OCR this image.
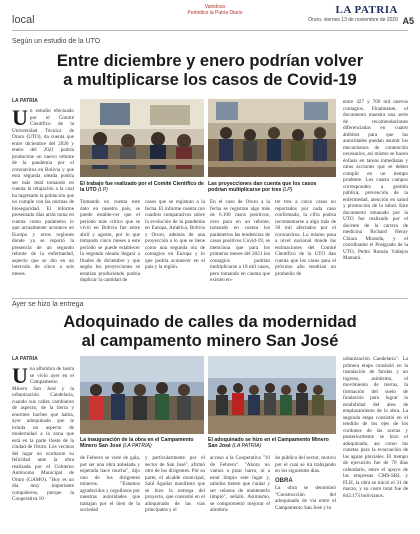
local
Vanidoso
Periódico la Patria Diario	LA PATRIA
Oruro, viernes 13 de noviembre de 2020 A5
Según un estudio de la UTO
Entre diciembre y enero podrían volver
a multiplicarse los casos de Covid-19
LA PATRIA
Un estudio efectuado por el Comité Científico de la Universidad Técnica de Oruro (UTO), da cuenta que entre diciembre del 2020 y enero del 2021 podría producirse un nuevo rebrote de la pandemia por el coronavirus en Bolivia y que esta segunda oleada podría ser más letal tomando en cuenta la relajación a la cual ha ingresado la población que no cumple con las normas de bioseguridad. El informe presentado días atrás toma en cuenta como parámetro lo que actualmente acontece en Europa y otros regiones donde ya se reportó la presencia de un segundo rebrote de la enfermedad, aspecto que se dio en un intervalo de cinco a seis meses.
El trabajo fue realizado por el Comité Científico de la UTO (LP)
Las proyecciones dan cuenta que los casos podrían multiplicarse por tres (LP)
Tomando en cuenta este dato en nuestro país, se puede estable-cer que el periodo más crítico que se vivió en Bolivia fue entre abril y agosto, por lo que tomando cinco meses a este periodo se puede establecer la segunda oleada llegará a finales de diciembre y que según los proyecciones se estarían produciendo podría duplicar la cantidad de
casos que se registran a la fecha. El informe cuenta con cuadros comparativos sobre la evolución de la pandemia en Europa, América, Bolivia y Oruro, además de una proyección a lo que se tiene como una segunda ola de contagios en Europa y lo que podría acontecer en el país y la región.
En el caso de Oruro a la fecha se registran algo más de 6.100 casos positivos, cero para en un rebrote, tomando en cuenta los parámetros las tendencias de casos positivos Covid-19, se menciona que para los primeros meses del 2021 los contagios podrían multiplicarse a 18 mil casos, pero tomando en cuenta que existen en-
tre tres a cinco casos no reportados por cada caso confirmado, la cifra podría incrementarse a algo más de 30 mil afectados por el coronavirus. Lo mismo pasa a nivel nacional donde las estimaciones del Comité Científico de la UTO dan cuenta que los casos para el próximo año tendrían un promedio de
entre 427 y 700 mil nuevos contagios. Finalmente, el documento muestra una serie de recomendaciones diferenciadas en cuatro ámbitos para que las autoridades puedan asumir los mecanismos de contención necesarios, así mismo se hacen énfasis en tareas inmediatas y otras acciones que se deben cumplir en un tiempo prudente. Los cuatro campos corresponden a gestión pública, prevención de la enfermedad, atención en salud y promoción de la salud. Este documento emanado por la UTO fue realizado por el docente de la carrera de medicina Richard Henry Chiara Miranda, y el coordinador el Postgrado de la UTO, Pedro Román Vallejos Mamani.
Ayer se hizo la entrega
Adoquinado de calles da modernidad
al campamento minero San José
LA PATRIA
Una alfombra de lastra se vivió ayer en el Campamento Minero San José y la urbanización Candelaria, cuando sus calles cambiaron de aspecto, de la tierra y enormes baches que había, ayer adoquinado que le brinda un aspecto de modernidad a la zona que está en la parte Oeste de la ciudad de Oruro. Los vecinos del lugar no ocultaron su felicidad ante la obra realizada por el Gobierno Autónomo Municipal de Oruro (GAMO). "Hoy es un día muy importante compañeros, porque la Cooperativa 10
La inauguración de la obra en el Campamento Minero San José (LA PATRIA)
El adoquinado se hizo en el Campamento Minero San José (LA PATRIA)
de Febrero se viste de gala, por ser una obra anhelada y esperada hace mucho", dijo uno de los dirigentes mineros. "Estamos agradecidos y orgullosos por nuestras autoridades que trabajan por el bien de la sociedad
y particularmente por el sector de San José", afirmó otro de los dirigentes. Por su parte, el alcalde municipal, Saúl Aguilar manifestó que se hizo la entrega del proyecto, que consistió en el adoquinado de las vías principales y el
acceso a la Cooperativa "10 de Febrero". "Ahora no vamos a pisar barro, ni a estar limpio este lugar y, sabidos tienen que cuidar y ser celosos de mantenerlo limpio", señaló. Asimismo, se comprometió mejorar el alumbra-
do público del sector, motivo por el cual se irá trabajando en los siguientes días.
OBRA
La obra se denominó "Construcción del adoquinado de vía entre el Campamento San José y la
urbanización Candelaria". La primera etapa consistió en la instalación de farolas y un ingreso, asimismo, el movimiento de tierras, la formación del suelo de fundación para lograr la estabilidad del área de emplazamiento de la obra. La segunda etapa consistió en el tendido de los ejes de los cordones de las aceras y posteriormente se hizo el adoquinado, así como las cunetas para la evacuación de las aguas pluviales. El tiempo de ejecución fue de 70 días calendario, entre el apoyo de las empresas CMS-SRL y FLH, la obra se inició el 31 de marzo, y su costo total fue de 843.173 bolivianos.
